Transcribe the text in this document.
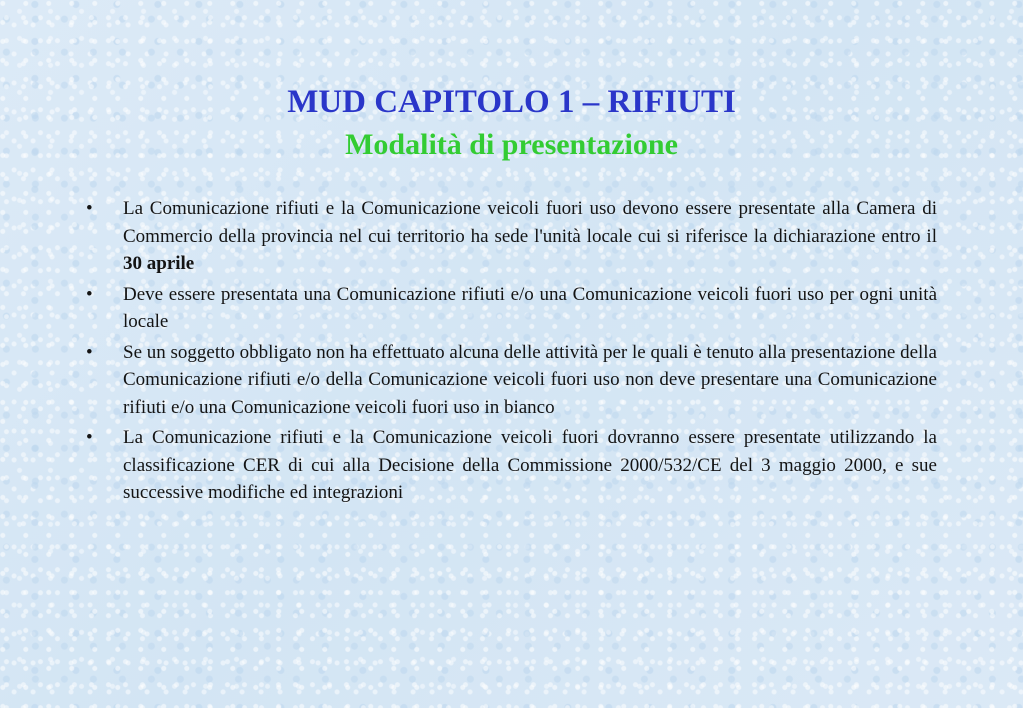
MUD CAPITOLO 1 – RIFIUTI
Modalità di presentazione
• La Comunicazione rifiuti e la Comunicazione veicoli fuori uso devono essere presentate alla Camera di Commercio della provincia nel cui territorio ha sede l'unità locale cui si riferisce la dichiarazione entro il 30 aprile
• Deve essere presentata una Comunicazione rifiuti e/o una Comunicazione veicoli fuori uso per ogni unità locale
• Se un soggetto obbligato non ha effettuato alcuna delle attività per le quali è tenuto alla presentazione della Comunicazione rifiuti e/o della Comunicazione veicoli fuori uso non deve presentare una Comunicazione rifiuti e/o una Comunicazione veicoli fuori uso in bianco
• La Comunicazione rifiuti e la Comunicazione veicoli fuori dovranno essere presentate utilizzando la classificazione CER di cui alla Decisione della Commissione 2000/532/CE del 3 maggio 2000, e sue successive modifiche ed integrazioni
